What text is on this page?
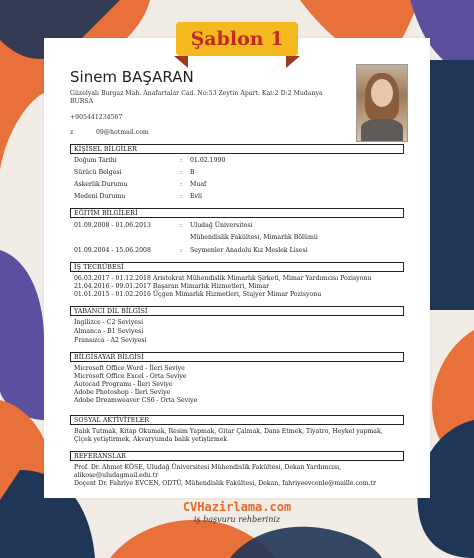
Şablon 1
Sinem BAŞARAN
Güzelyalı Burgaz Mah. Anafartalar Cad. No:53 Zeytin Apart. Kat:2 D:2 Mudanya
BURSA
+905441234567
z	09@hotmail.com
KİŞİSEL BİLGİLER
Doğum Tarihi	: 01.02.1990
Sürücü Belgesi	: B
Askerlik Durumu	: Muaf
Medeni Durumu	: Evli
EĞİTİM BİLGİLERİ
01.09.2008 - 01.06.2013	: Uludağ Üniversitesi
Mühendislik Fakültesi, Mimarlık Bölümü
01.09.2004 - 15.06.2008	: Seymenler Anadolu Kız Meslek Lisesi
İŞ TECRÜBESİ
06.03.2017 - 01.12.2018 Aristokrat Mühendislik Mimarlık Şirketi, Mimar Yardımcısı Pozisyonu
21.04.2016 - 09.01.2017 Başaran Mimarlık Hizmetleri, Mimar
01.01.2015 - 01.02.2016 Üçgen Mimarlık Hizmetleri, Stajyer Mimar Pozisyonu
YABANCI DİL BİLGİSİ
İngilizce - C2 Seviyesi
Almanca - B1 Seviyesi
Fransızca - A2 Seviyesi
BİLGİSAYAR BİLGİSİ
Microsoft Office Word - İleri Seviye
Microsoft Office Excel - Orta Seviye
Autocad Programı - İleri Seviye
Adobe Photoshop - İleri Seviye
Adobe Dreamweaver CS6 - Orta Seviye
SOSYAL AKTİVİTELER
Balık Tutmak, Kitap Okumak, Resim Yapmak, Gitar Çalmak, Dans Etmek, Tiyatro, Heykel yapmak,
Çiçek yetiştirmek, Akvaryumda balık yetiştirmek
REFERANSLAR
Prof. Dr. Ahmet KÖSE, Uludağ Üniversitesi Mühendislik Fakültesi, Dekan Yardımcısı,
alikose@uludagmail.edu.tr
Doçent Dr. Fahriye EVCEN, ODTÜ, Mühendislik Fakültesi, Dekan, fahriyeevcenle@maille.com.tr
CVHazirlama.com
iş başvuru rehberiniz
